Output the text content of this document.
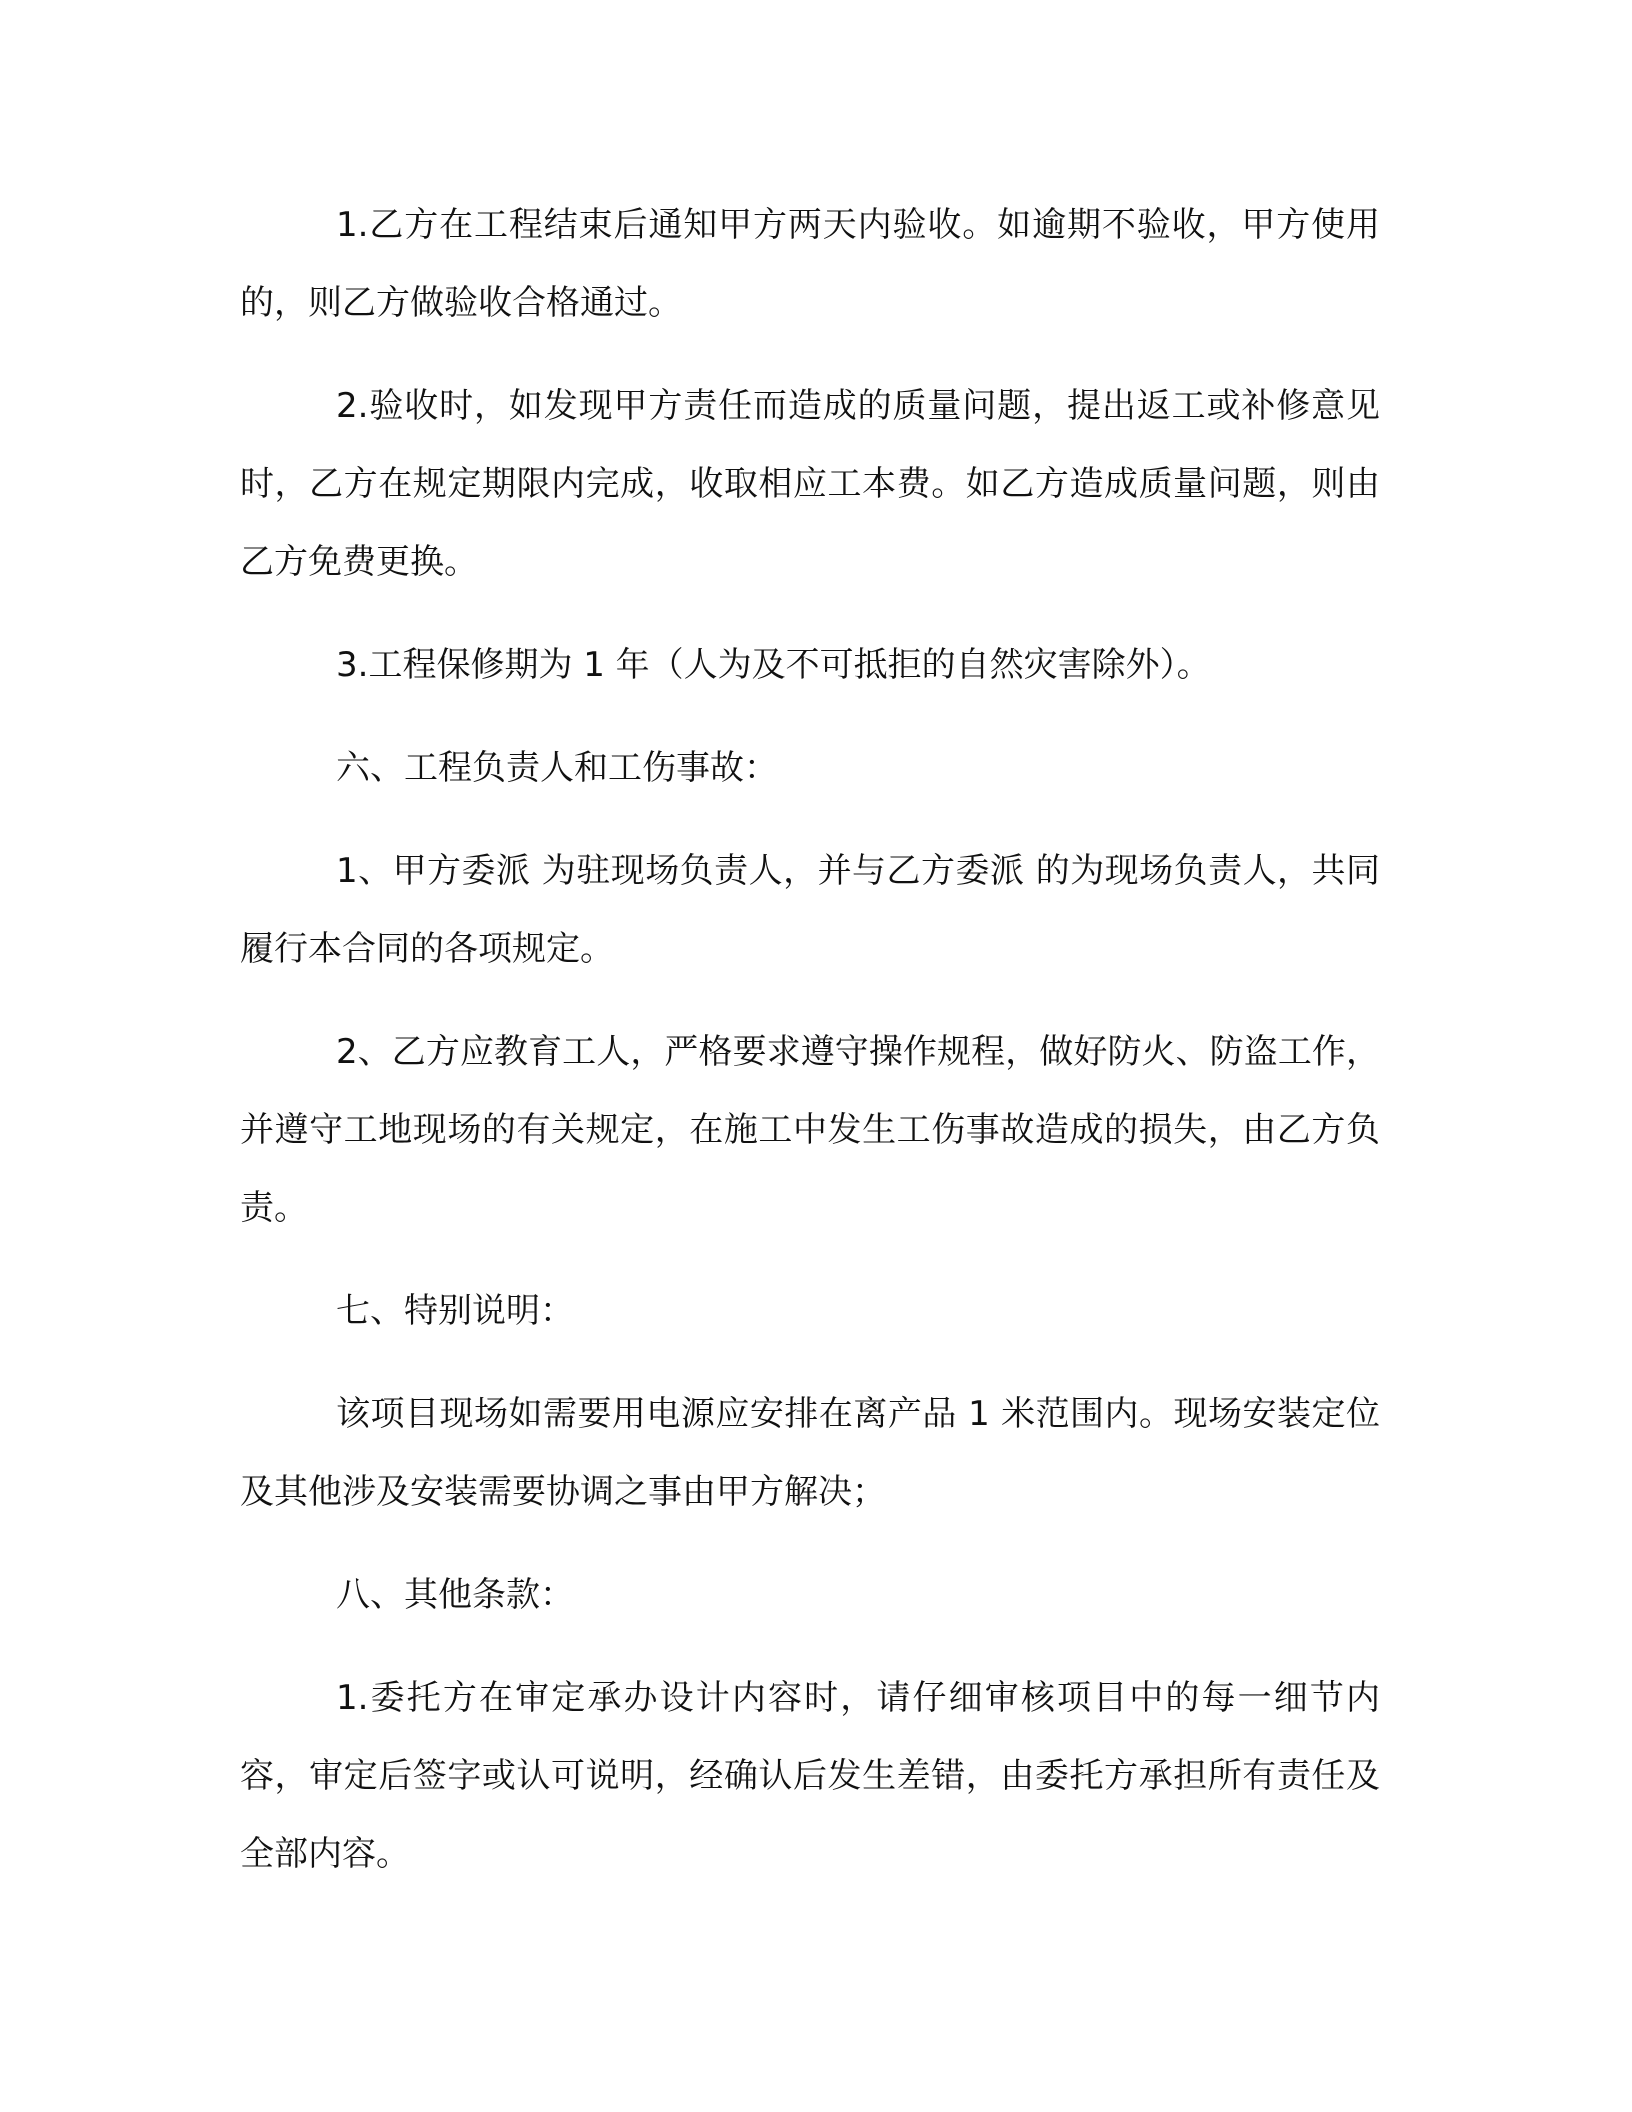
1.乙方在工程结束后通知甲方两天内验收。如逾期不验收，甲方使用的，则乙方做验收合格通过。

2.验收时，如发现甲方责任而造成的质量问题，提出返工或补修意见时，乙方在规定期限内完成，收取相应工本费。如乙方造成质量问题，则由乙方免费更换。

3.工程保修期为 1 年（人为及不可抵拒的自然灾害除外）。

六、工程负责人和工伤事故：

1、甲方委派 为驻现场负责人，并与乙方委派 的为现场负责人，共同履行本合同的各项规定。

2、乙方应教育工人，严格要求遵守操作规程，做好防火、防盗工作，并遵守工地现场的有关规定，在施工中发生工伤事故造成的损失，由乙方负责。

七、特别说明：

该项目现场如需要用电源应安排在离产品 1 米范围内。现场安装定位及其他涉及安装需要协调之事由甲方解决；

八、其他条款：

1.委托方在审定承办设计内容时，请仔细审核项目中的每一细节内容，审定后签字或认可说明，经确认后发生差错，由委托方承担所有责任及全部内容。
